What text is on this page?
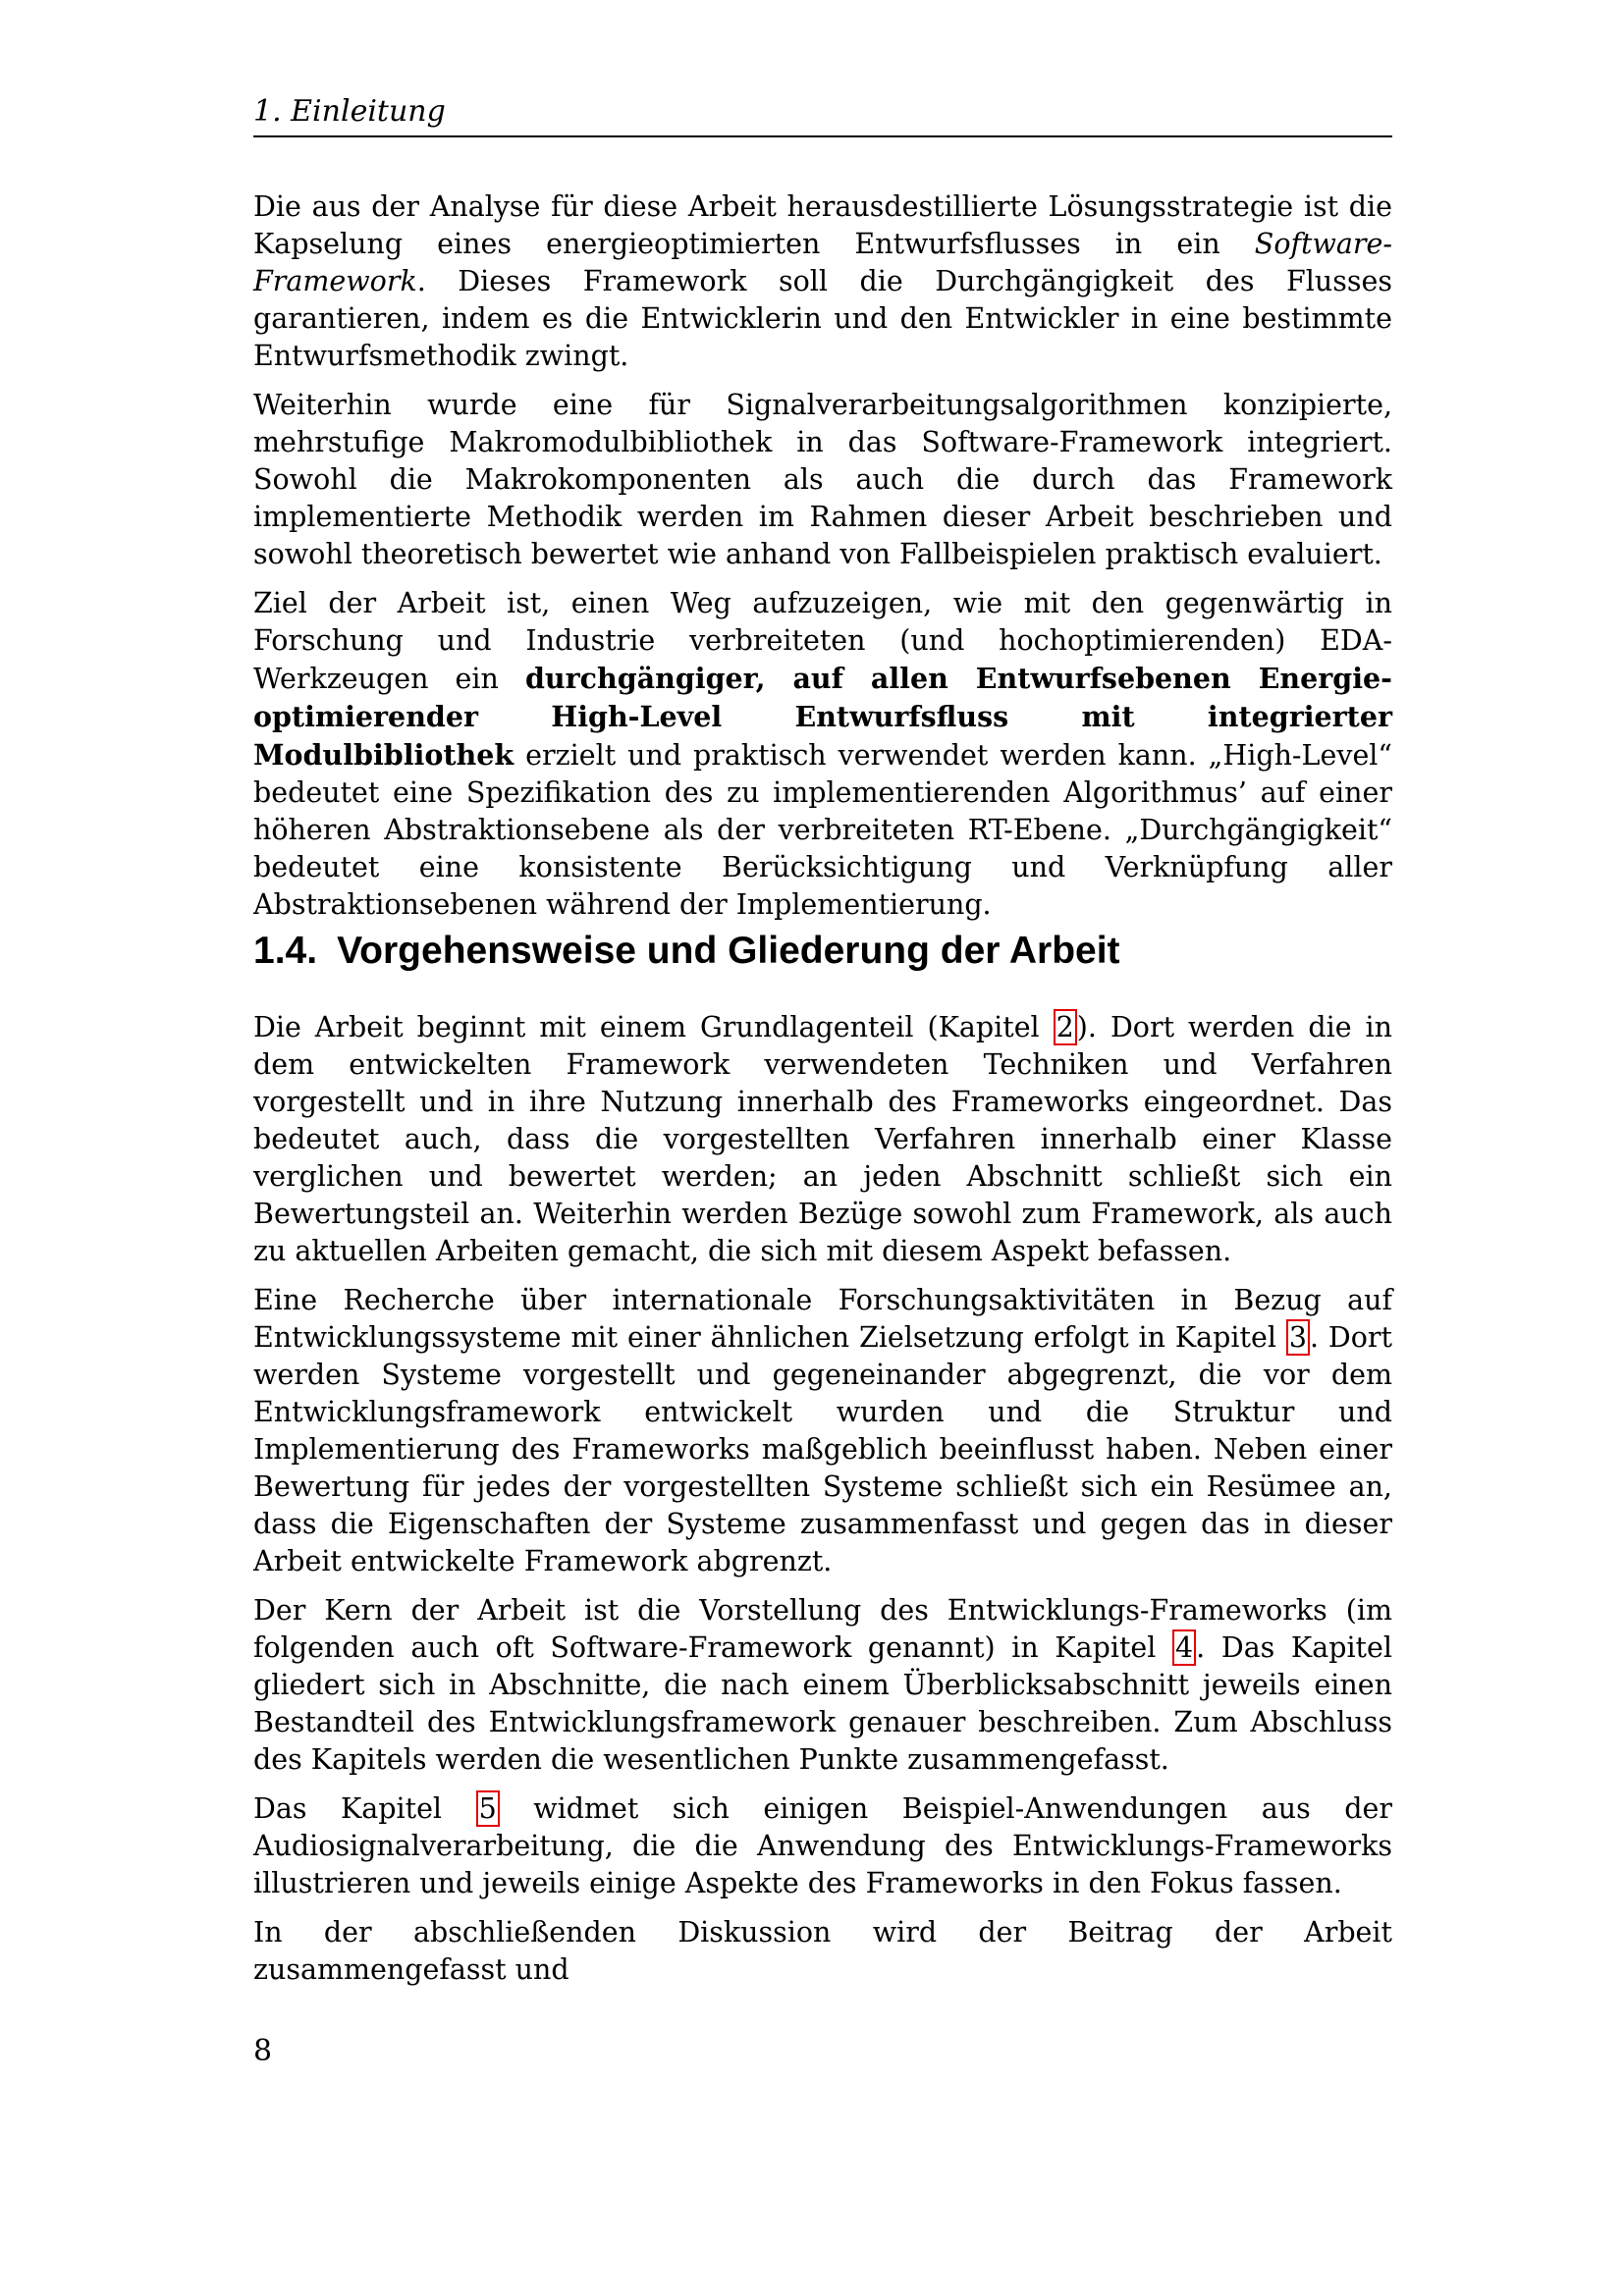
1. Einleitung

Die aus der Analyse für diese Arbeit herausdestillierte Lösungsstrategie ist die Kapselung eines energieoptimierten Entwurfsflusses in ein Software-Framework. Dieses Framework soll die Durchgängigkeit des Flusses garantieren, indem es die Entwicklerin und den Entwickler in eine bestimmte Entwurfsmethodik zwingt.

Weiterhin wurde eine für Signalverarbeitungsalgorithmen konzipierte, mehrstufige Makromodulbibliothek in das Software-Framework integriert. Sowohl die Makrokomponenten als auch die durch das Framework implementierte Methodik werden im Rahmen dieser Arbeit beschrieben und sowohl theoretisch bewertet wie anhand von Fallbeispielen praktisch evaluiert.

Ziel der Arbeit ist, einen Weg aufzuzeigen, wie mit den gegenwärtig in Forschung und Industrie verbreiteten (und hochoptimierenden) EDA-Werkzeugen ein durchgängiger, auf allen Entwurfsebenen Energie-optimierender High-Level Entwurfsfluss mit integrierter Modulbibliothek erzielt und praktisch verwendet werden kann. „High-Level“ bedeutet eine Spezifikation des zu implementierenden Algorithmus’ auf einer höheren Abstraktionsebene als der verbreiteten RT-Ebene. „Durchgängigkeit“ bedeutet eine konsistente Berücksichtigung und Verknüpfung aller Abstraktionsebenen während der Implementierung.

1.4. Vorgehensweise und Gliederung der Arbeit

Die Arbeit beginnt mit einem Grundlagenteil (Kapitel 2 ). Dort werden die in dem entwickelten Framework verwendeten Techniken und Verfahren vorgestellt und in ihre Nutzung innerhalb des Frameworks eingeordnet. Das bedeutet auch, dass die vorgestellten Verfahren innerhalb einer Klasse verglichen und bewertet werden; an jeden Abschnitt schließt sich ein Bewertungsteil an. Weiterhin werden Bezüge sowohl zum Framework, als auch zu aktuellen Arbeiten gemacht, die sich mit diesem Aspekt befassen.

Eine Recherche über internationale Forschungsaktivitäten in Bezug auf Entwicklungssysteme mit einer ähnlichen Zielsetzung erfolgt in Kapitel 3 . Dort werden Systeme vorgestellt und gegeneinander abgegrenzt, die vor dem Entwicklungsframework entwickelt wurden und die Struktur und Implementierung des Frameworks maßgeblich beeinflusst haben. Neben einer Bewertung für jedes der vorgestellten Systeme schließt sich ein Resümee an, dass die Eigenschaften der Systeme zusammenfasst und gegen das in dieser Arbeit entwickelte Framework abgrenzt.

Der Kern der Arbeit ist die Vorstellung des Entwicklungs-Frameworks (im folgenden auch oft Software-Framework genannt) in Kapitel 4 . Das Kapitel gliedert sich in Abschnitte, die nach einem Überblicksabschnitt jeweils einen Bestandteil des Entwicklungsframework genauer beschreiben. Zum Abschluss des Kapitels werden die wesentlichen Punkte zusammengefasst.

Das Kapitel 5 widmet sich einigen Beispiel-Anwendungen aus der Audiosignalverarbeitung, die die Anwendung des Entwicklungs-Frameworks illustrieren und jeweils einige Aspekte des Frameworks in den Fokus fassen.

In der abschließenden Diskussion wird der Beitrag der Arbeit zusammengefasst und

8
